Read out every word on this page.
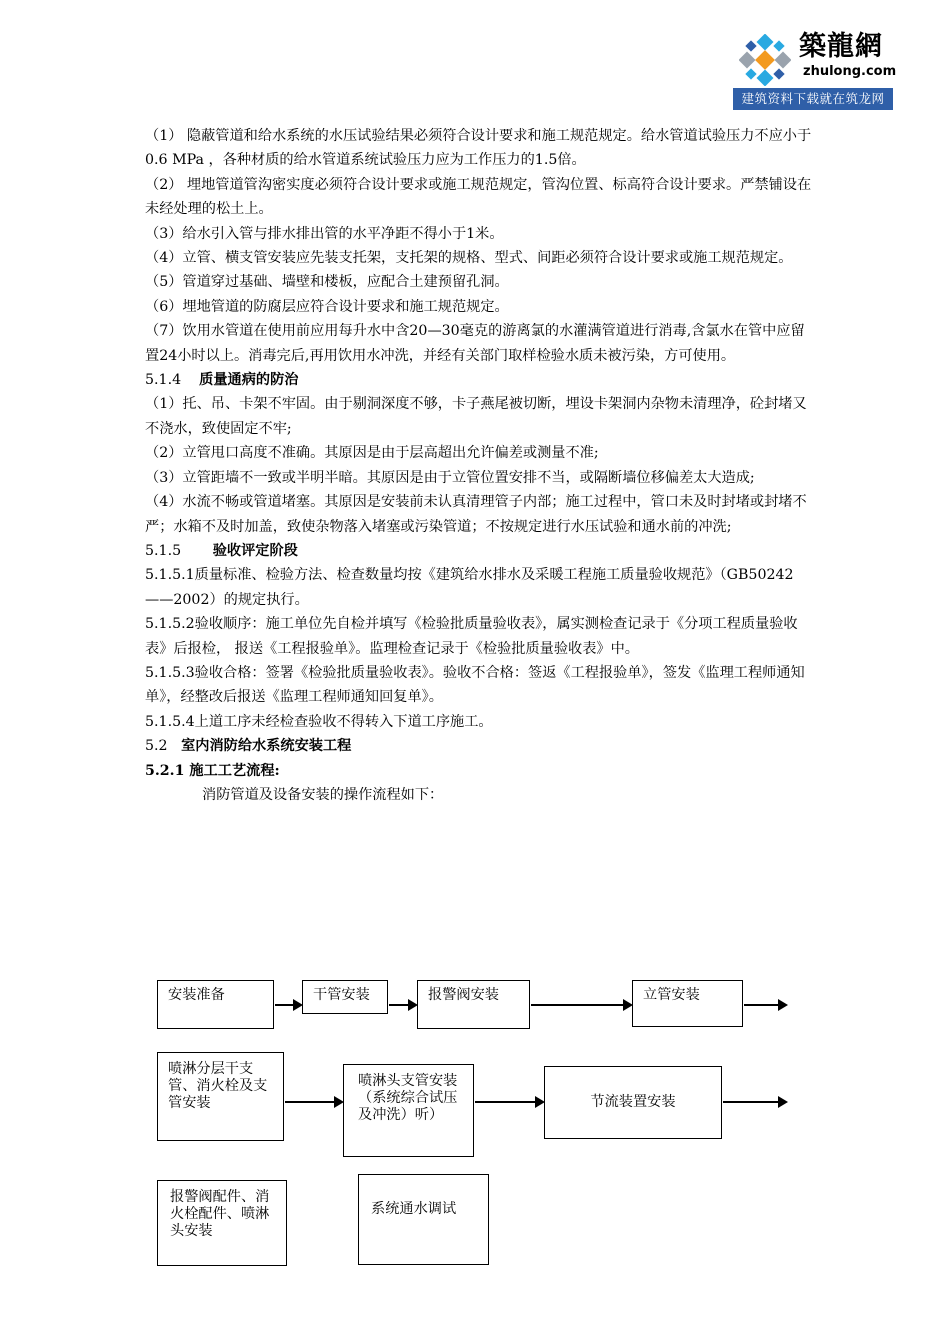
築龍網
zhulong.com
建筑资料下载就在筑龙网

（1） 隐蔽管道和给水系统的水压试验结果必须符合设计要求和施工规范规定。给水管道试验压力不应小于0.6 MPa ，各种材质的给水管道系统试验压力应为工作压力的1.5倍。

（2） 埋地管道管沟密实度必须符合设计要求或施工规范规定，管沟位置、标高符合设计要求。严禁铺设在未经处理的松土上。

（3）给水引入管与排水排出管的水平净距不得小于1米。

（4）立管、横支管安装应先装支托架，支托架的规格、型式、间距必须符合设计要求或施工规范规定。

（5）管道穿过基础、墙壁和楼板，应配合土建预留孔洞。

（6）埋地管道的防腐层应符合设计要求和施工规范规定。

（7）饮用水管道在使用前应用每升水中含20—30毫克的游离氯的水灌满管道进行消毒,含氯水在管中应留置24小时以上。消毒完后,再用饮用水冲洗，并经有关部门取样检验水质未被污染，方可使用。

5.1.4 质量通病的防治

（1）托、吊、卡架不牢固。由于剔洞深度不够，卡子燕尾被切断，埋设卡架洞内杂物未清理净，砼封堵又不浇水，致使固定不牢;

（2）立管甩口高度不准确。其原因是由于层高超出允许偏差或测量不准;

（3）立管距墙不一致或半明半暗。其原因是由于立管位置安排不当，或隔断墙位移偏差太大造成;

（4）水流不畅或管道堵塞。其原因是安装前未认真清理管子内部；施工过程中，管口未及时封堵或封堵不严；水箱不及时加盖，致使杂物落入堵塞或污染管道；不按规定进行水压试验和通水前的冲洗;

5.1.5 验收评定阶段

5.1.5.1质量标准、检验方法、检查数量均按《建筑给水排水及采暖工程施工质量验收规范》（GB50242——2002）的规定执行。

5.1.5.2验收顺序：施工单位先自检并填写《检验批质量验收表》，属实测检查记录于《分项工程质量验收表》后报检， 报送《工程报验单》。监理检查记录于《检验批质量验收表》中。

5.1.5.3验收合格：签署《检验批质量验收表》。验收不合格：签返《工程报验单》，签发《监理工程师通知单》，经整改后报送《监理工程师通知回复单》。

5.1.5.4上道工序未经检查验收不得转入下道工序施工。

5.2 室内消防给水系统安装工程

5.2.1 施工工艺流程:

消防管道及设备安装的操作流程如下：

安装准备	干管安装	报警阀安装	立管安装
喷淋分层干支管、消火栓及支管安装
喷淋头支管安装（系统综合试压及冲洗）听）
节流装置安装
报警阀配件、消火栓配件、喷淋头安装
系统通水调试
